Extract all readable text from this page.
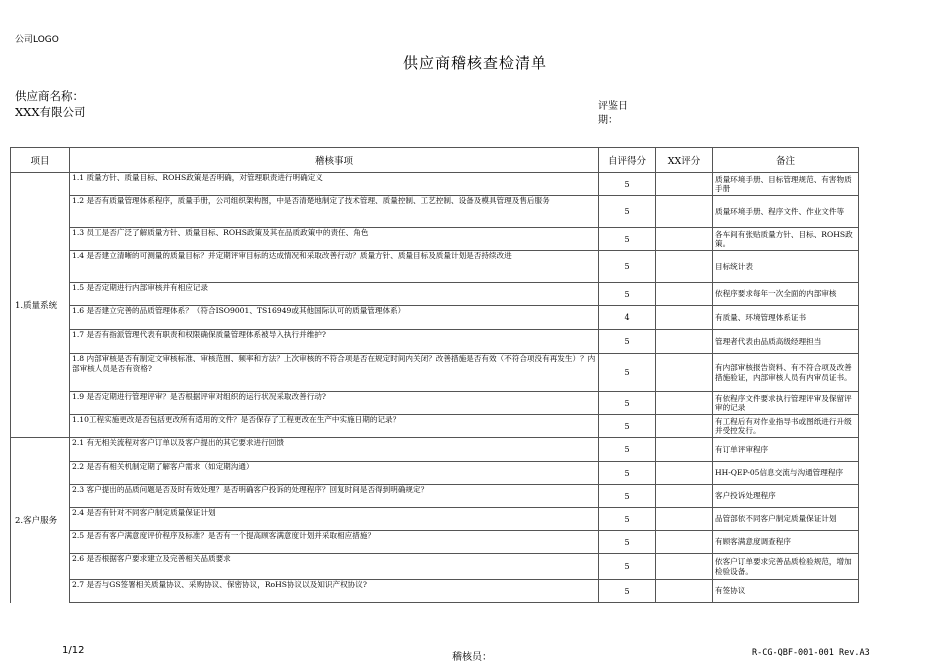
公司LOGO
供应商稽核查检清单
供应商名称：XXX有限公司	评鉴日期：
项目	稽核事项	自评得分	XX评分	备注
1.质量系统	1.1 质量方针、质量目标、ROHS政策是否明确，对管理职责进行明确定义	5		质量环境手册、目标管理规范、有害物质手册
	1.2 是否有质量管理体系程序，质量手册，公司组织架构图，中是否清楚地制定了技术管理、质量控制、工艺控制、设备及模具管理及售后服务	5		质量环境手册、程序文件、作业文件等
	1.3 员工是否广泛了解质量方针、质量目标、ROHS政策及其在品质政策中的责任、角色	5		各车间有张贴质量方针、目标、ROHS政策。
	1.4 是否建立清晰的可测量的质量目标？并定期评审目标的达成情况和采取改善行动？质量方针、质量目标及质量计划是否持续改进	5		目标统计表
	1.5 是否定期进行内部审核并有相应记录	5		依程序要求每年一次全面的内部审核
	1.6 是否建立完善的品质管理体系？（符合ISO9001、TS16949或其他国际认可的质量管理体系）	4		有质量、环境管理体系证书
	1.7 是否有指派管理代表有职责和权限确保质量管理体系被导入执行并维护?	5		管理者代表由品质高级经理担当
	1.8 内部审核是否有制定文审核标准、审核范围、频率和方法？上次审核的不符合项是否在规定时间内关闭？改善措施是否有效（不符合项没有再发生）？内部审核人员是否有资格?	5		有内部审核报告资料、有不符合项及改善措施验证，内部审核人员有内审员证书。
	1.9 是否定期进行管理评审？是否根据评审对组织的运行状况采取改善行动?	5		有依程序文件要求执行管理评审及保留评审的记录
	1.10工程实施更改是否包括更改所有适用的文件？是否保存了工程更改在生产中实施日期的记录？	5		有工程后有对作业指导书或图纸进行升级并受控发行。
2.客户服务	2.1 有无相关流程对客户订单以及客户提出的其它要求进行回馈	5		有订单评审程序
	2.2 是否有相关机制定期了解客户需求（如定期沟通）	5		HH-QEP-05信息交流与沟通管理程序
	2.3 客户提出的品质问题是否及时有效处理？是否明确客户投诉的处理程序？回复时间是否得到明确规定？	5		客户投诉处理程序
	2.4 是否有针对不同客户制定质量保证计划	5		品管部依不同客户制定质量保证计划
	2.5 是否有客户满意度评价程序及标准？是否有一个提高顾客满意度计划并采取相应措施？	5		有顾客满意度调查程序
	2.6 是否根据客户要求建立及完善相关品质要求	5		依客户订单要求完善品质检验规范，增加检验设备。
	2.7 是否与GS签署相关质量协议、采购协议、保密协议，RoHS协议以及知识产权协议?	5		有签协议
1/12
稽核员：	R-CG-QBF-001-001 Rev.A3
